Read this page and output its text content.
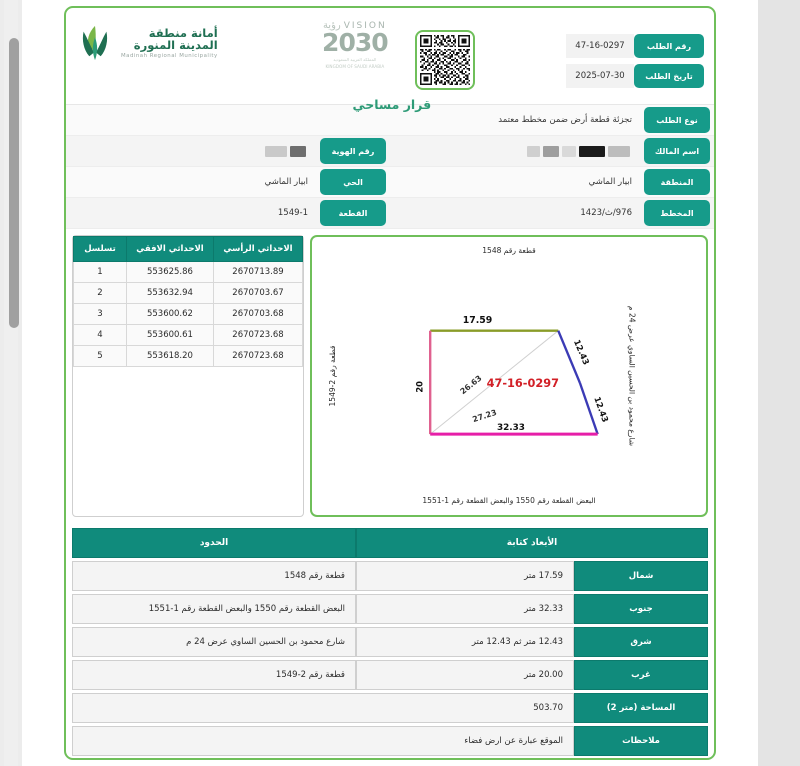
رقم الطلب
47-16-0297
تاريخ الطلب
2025-07-30
VISION
رؤية
2030
المملكة العربية السعودية
KINGDOM OF SAUDI ARABIA
قرار مساحي
أمانة منطقة
المدينة المنورة
Madinah Regional Municipality
نوع الطلب
تجزئة قطعة أرض ضمن مخطط معتمد
اسم المالك
رقم الهوية
المنطقة
ابيار الماشي
الحي
ابيار الماشي
المخطط
976/ث/1423
القطعة
1549-1
قطعة رقم 1548
البعض القطعة رقم 1550 والبعض القطعة رقم 1-1551
شارع محمود بن الحسين الساوي عرض 24 م
قطعة رقم 2-1549
17.59
20
12.43
12.43
32.33
26.63
27.23
47-16-0297
الاحداثي الرأسي	الاحداثي الافقي	تسلسل
2670713.89	553625.86	1
2670703.67	553632.94	2
2670703.68	553600.62	3
2670723.68	553600.61	4
2670723.68	553618.20	5
الأبعاد كتابة		الحدود
شمال	17.59 متر	قطعة رقم 1548
جنوب	32.33 متر	البعض القطعة رقم 1550 والبعض القطعة رقم 1-1551
شرق	12.43 متر ثم 12.43 متر	شارع محمود بن الحسين الساوي عرض 24 م
غرب	20.00 متر	قطعة رقم 2-1549
المساحة (متر 2)	503.70	
ملاحظات	الموقع عبارة عن ارض فضاء	
